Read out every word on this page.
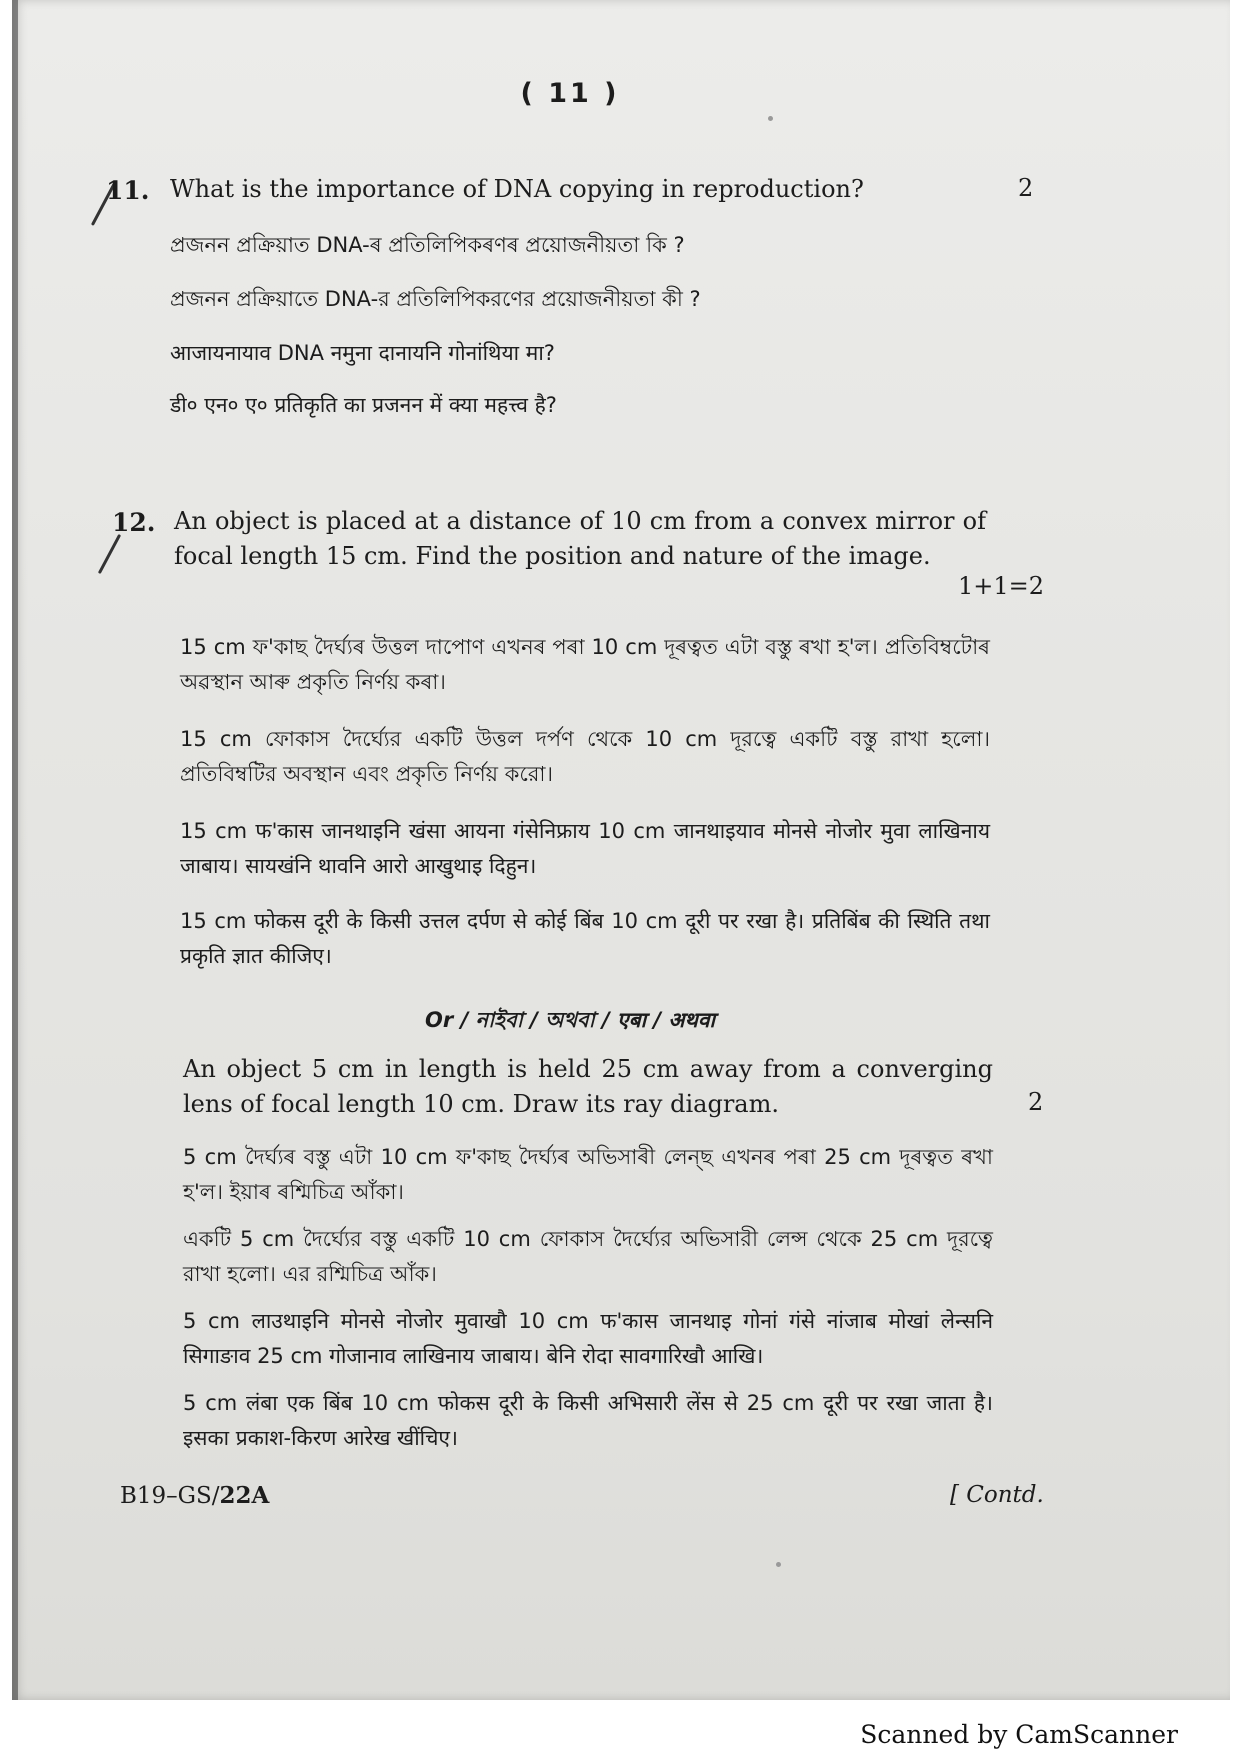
( 11 )
11. What is the importance of DNA copying in reproduction?	2
প্ৰজনন প্ৰক্ৰিয়াত DNA-ৰ প্ৰতিলিপিকৰণৰ প্ৰয়োজনীয়তা কি ?
প্রজনন প্রক্রিয়াতে DNA-র প্রতিলিপিকরণের প্রয়োজনীয়তা কী ?
आजायनायाव DNA नमुना दानायनि गोनांथिया मा?
डी० एन० ए० प्रतिकृति का प्रजनन में क्या महत्त्व है?
12. An object is placed at a distance of 10 cm from a convex mirror of focal length 15 cm. Find the position and nature of the image.
1+1=2
15 cm ফ'কাছ দৈৰ্ঘ্যৰ উত্তল দাপোণ এখনৰ পৰা 10 cm দূৰত্বত এটা বস্তু ৰখা হ'ল। প্ৰতিবিম্বটোৰ অৱস্থান আৰু প্ৰকৃতি নিৰ্ণয় কৰা।
15 cm ফোকাস দৈর্ঘ্যের একটি উত্তল দর্পণ থেকে 10 cm দূরত্বে একটি বস্তু রাখা হলো। প্রতিবিম্বটির অবস্থান এবং প্রকৃতি নির্ণয় করো।
15 cm फ'कास जानथाइनि खंसा आयना गंसेनिफ्राय 10 cm जानथाइयाव मोनसे नोजोर मुवा लाखिनाय जाबाय। सायखंनि थावनि आरो आखुथाइ दिहुन।
15 cm फोकस दूरी के किसी उत्तल दर्पण से कोई बिंब 10 cm दूरी पर रखा है। प्रतिबिंब की स्थिति तथा प्रकृति ज्ञात कीजिए।
Or / নাইবা / অথবা / एबा / अथवा
An object 5 cm in length is held 25 cm away from a converging lens of focal length 10 cm. Draw its ray diagram.	2
5 cm দৈৰ্ঘ্যৰ বস্তু এটা 10 cm ফ'কাছ দৈৰ্ঘ্যৰ অভিসাৰী লেন্‌ছ এখনৰ পৰা 25 cm দূৰত্বত ৰখা হ'ল। ইয়াৰ ৰশ্মিচিত্ৰ আঁকা।
একটি 5 cm দৈর্ঘ্যের বস্তু একটি 10 cm ফোকাস দৈর্ঘ্যের অভিসারী লেন্স থেকে 25 cm দূরত্বে রাখা হলো। এর রশ্মিচিত্র আঁক।
5 cm लाउथाइनि मोनसे नोजोर मुवाखौ 10 cm फ'कास जानथाइ गोनां गंसे नांजाब मोखां लेन्सनि सिगाङाव 25 cm गोजानाव लाखिनाय जाबाय। बेनि रोदा सावगारिखौ आखि।
B19–GS/22A	[ Contd.
Scanned by CamScanner
5 cm लंबा एक बिंब 10 cm फोकस दूरी के किसी अभिसारी लेंस से 25 cm दूरी पर रखा जाता है। इसका प्रकाश-किरण आरेख खींचिए।
